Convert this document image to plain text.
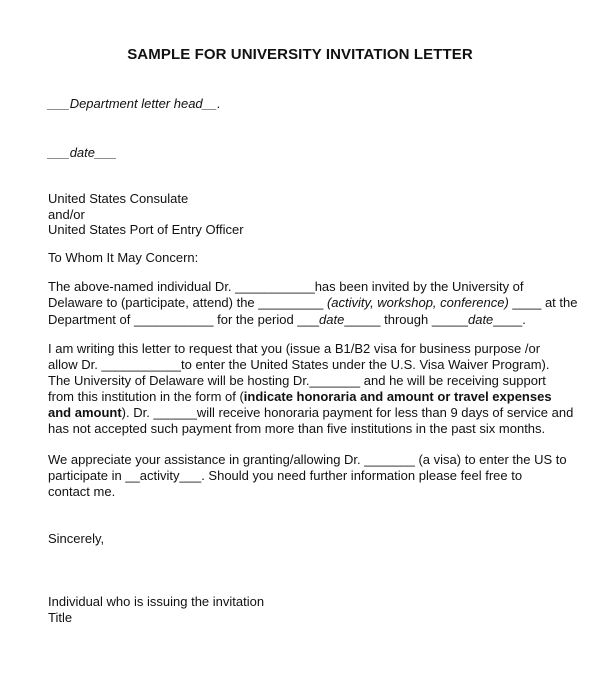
SAMPLE FOR UNIVERSITY INVITATION LETTER
___Department letter head__.
___date___
United States Consulate
and/or
United States Port of Entry Officer
To Whom It May Concern:
The above-named individual Dr. ___________has been invited by the University of
Delaware to (participate, attend) the _________ (activity, workshop, conference) ____ at the
Department of ___________ for the period ___date_____ through _____date____.
I am writing this letter to request that you (issue a B1/B2 visa for business purpose /or
allow Dr. ___________to enter the United States under the U.S. Visa Waiver Program).
The University of Delaware will be hosting Dr._______ and he will be receiving support
from this institution in the form of (indicate honoraria and amount or travel expenses
and amount). Dr. ______will receive honoraria payment for less than 9 days of service and
has not accepted such payment from more than five institutions in the past six months.
We appreciate your assistance in granting/allowing Dr. _______ (a visa) to enter the US to
participate in __activity___. Should you need further information please feel free to
contact me.
Sincerely,
Individual who is issuing the invitation
Title
